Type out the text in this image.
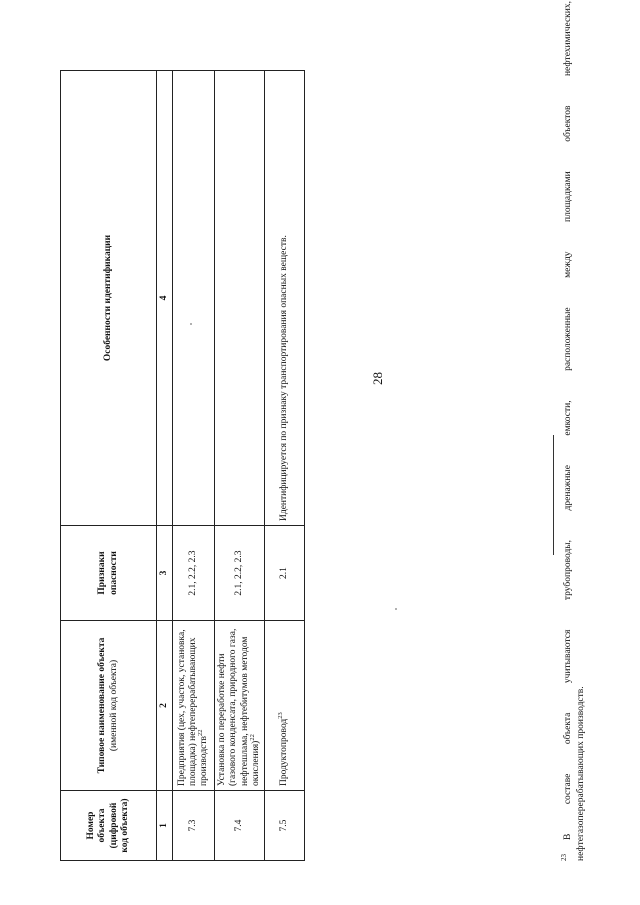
28
Номер объекта (цифровой код объекта)	Типовое наименование объекта (именной код объекта)	Признаки опасности	Особенности идентификации
1	2	3	4
7.3	Предприятия (цех, участок, установка, площадка) нефтеперерабатывающих производств$^{22}$	2.1, 2.2, 2.3	
7.4	Установка по переработке нефти (газового конденсата, природного газа, нефтешлама, нефтебитумов методом окисления)$^{22}$	2.1, 2.2, 2.3	
7.5	Продуктопровод$^{23}$	2.1	Идентифицируется по признаку транспортирования опасных веществ.
$^{23}$В составе объекта учитываются трубопроводы, дренажные емкости, расположенные между площадками объектов нефтехимических, нефтегазоперерабатывающих производств.
